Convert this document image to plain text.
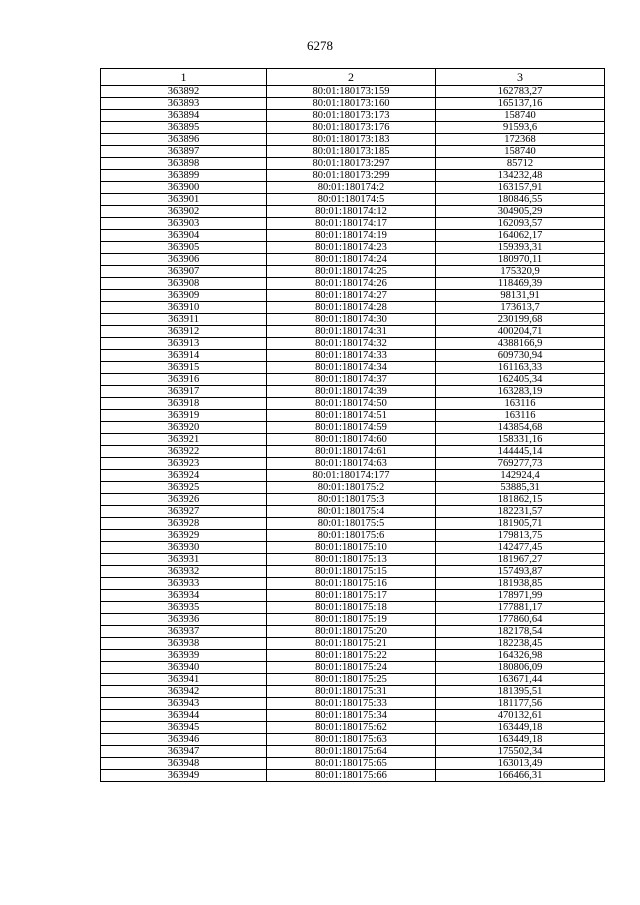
6278
1	2	3
363892	80:01:180173:159	162783,27
363893	80:01:180173:160	165137,16
363894	80:01:180173:173	158740
363895	80:01:180173:176	91593,6
363896	80:01:180173:183	172368
363897	80:01:180173:185	158740
363898	80:01:180173:297	85712
363899	80:01:180173:299	134232,48
363900	80:01:180174:2	163157,91
363901	80:01:180174:5	180846,55
363902	80:01:180174:12	304905,29
363903	80:01:180174:17	162093,57
363904	80:01:180174:19	164062,17
363905	80:01:180174:23	159393,31
363906	80:01:180174:24	180970,11
363907	80:01:180174:25	175320,9
363908	80:01:180174:26	118469,39
363909	80:01:180174:27	98131,91
363910	80:01:180174:28	173613,7
363911	80:01:180174:30	230199,68
363912	80:01:180174:31	400204,71
363913	80:01:180174:32	4388166,9
363914	80:01:180174:33	609730,94
363915	80:01:180174:34	161163,33
363916	80:01:180174:37	162405,34
363917	80:01:180174:39	163283,19
363918	80:01:180174:50	163116
363919	80:01:180174:51	163116
363920	80:01:180174:59	143854,68
363921	80:01:180174:60	158331,16
363922	80:01:180174:61	144445,14
363923	80:01:180174:63	769277,73
363924	80:01:180174:177	142924,4
363925	80:01:180175:2	53885,31
363926	80:01:180175:3	181862,15
363927	80:01:180175:4	182231,57
363928	80:01:180175:5	181905,71
363929	80:01:180175:6	179813,75
363930	80:01:180175:10	142477,45
363931	80:01:180175:13	181967,27
363932	80:01:180175:15	157493,87
363933	80:01:180175:16	181938,85
363934	80:01:180175:17	178971,99
363935	80:01:180175:18	177881,17
363936	80:01:180175:19	177860,64
363937	80:01:180175:20	182178,54
363938	80:01:180175:21	182238,45
363939	80:01:180175:22	164326,98
363940	80:01:180175:24	180806,09
363941	80:01:180175:25	163671,44
363942	80:01:180175:31	181395,51
363943	80:01:180175:33	181177,56
363944	80:01:180175:34	470132,61
363945	80:01:180175:62	163449,18
363946	80:01:180175:63	163449,18
363947	80:01:180175:64	175502,34
363948	80:01:180175:65	163013,49
363949	80:01:180175:66	166466,31
